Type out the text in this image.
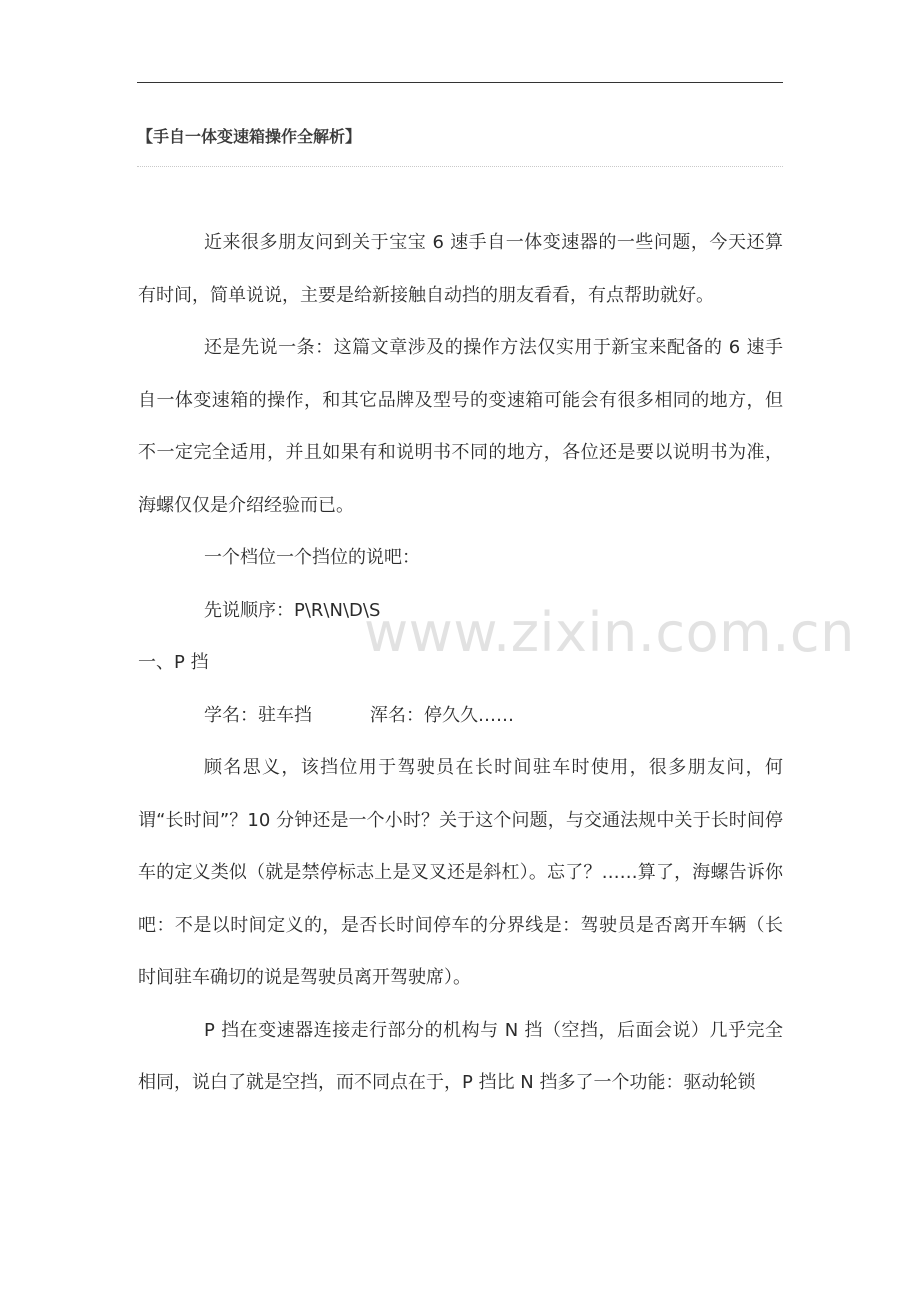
【手自一体变速箱操作全解析】

近来很多朋友问到关于宝宝 6 速手自一体变速器的一些问题，今天还算有时间，简单说说，主要是给新接触自动挡的朋友看看，有点帮助就好。

还是先说一条：这篇文章涉及的操作方法仅实用于新宝来配备的 6 速手自一体变速箱的操作，和其它品牌及型号的变速箱可能会有很多相同的地方，但不一定完全适用，并且如果有和说明书不同的地方，各位还是要以说明书为准，海螺仅仅是介绍经验而已。

一个档位一个挡位的说吧：

先说顺序：P\R\N\D\S

一、P 挡

学名：驻车挡	浑名：停久久……

顾名思义，该挡位用于驾驶员在长时间驻车时使用，很多朋友问，何谓“长时间”？10 分钟还是一个小时？关于这个问题，与交通法规中关于长时间停车的定义类似（就是禁停标志上是叉叉还是斜杠）。忘了？……算了，海螺告诉你吧：不是以时间定义的，是否长时间停车的分界线是：驾驶员是否离开车辆（长时间驻车确切的说是驾驶员离开驾驶席）。

P 挡在变速器连接走行部分的机构与 N 挡（空挡，后面会说）几乎完全相同，说白了就是空挡，而不同点在于，P 挡比 N 挡多了一个功能：驱动轮锁

www.zixin.com.cn
